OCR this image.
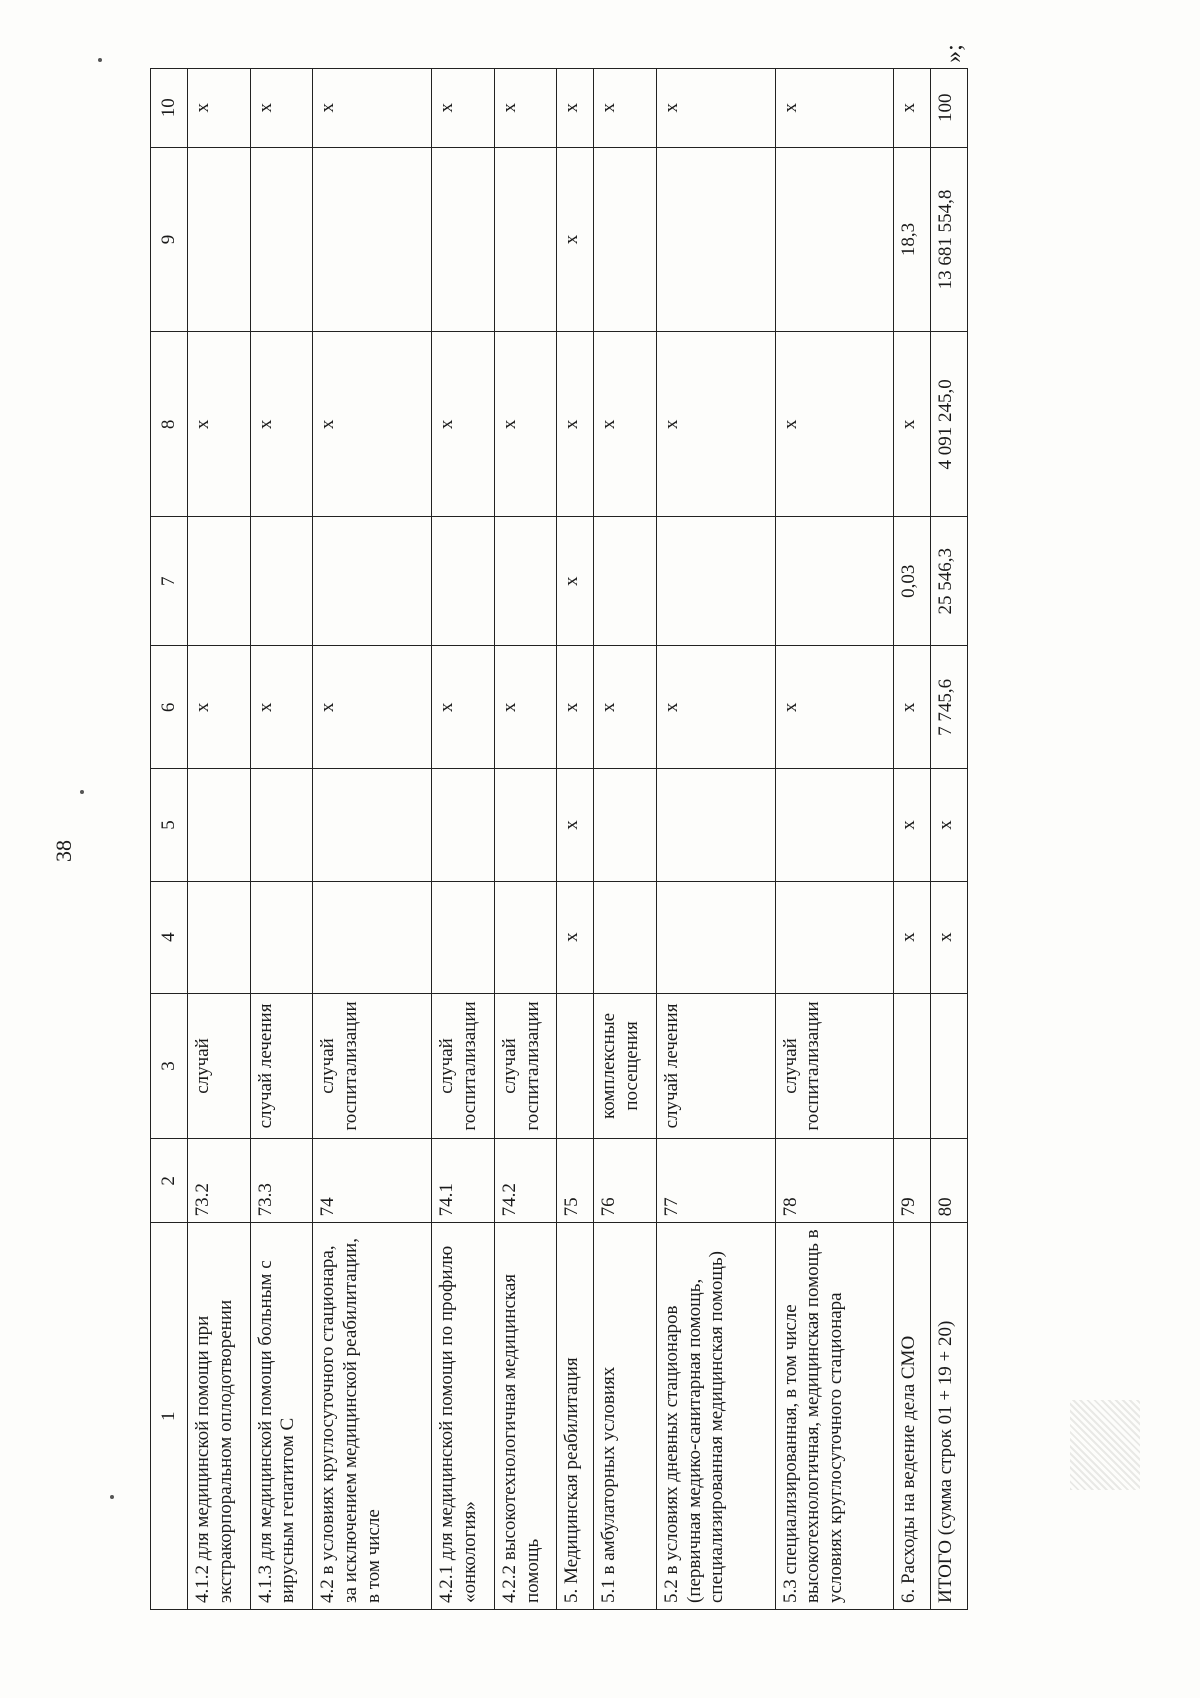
38
1	2	3	4	5	6	7	8	9	10
4.1.2 для медицинской помощи при экстракорпоральном оплодотворении	73.2	случай			х		х		х
4.1.3 для медицинской помощи больным с вирусным гепатитом С	73.3	случай лечения			х		х		х
4.2 в условиях круглосуточного стационара, за исключением медицинской реабилитации, в том числе	74	случай госпитализации			х		х		х
4.2.1 для медицинской помощи по профилю «онкология»	74.1	случай госпитализации			х		х		х
4.2.2 высокотехнологичная медицинская помощь	74.2	случай госпитализации			х		х		х
5. Медицинская реабилитация	75		х	х	х	х	х	х	х
5.1 в амбулаторных условиях	76	комплексные посещения			х		х		х
5.2 в условиях дневных стационаров (первичная медико-санитарная помощь, специализированная медицинская помощь)	77	случай лечения			х		х		х
5.3 специализированная, в том числе высокотехнологичная, медицинская помощь в условиях круглосуточного стационара	78	случай госпитализации			х		х		х
6. Расходы на ведение дела СМО	79		х	х	х	0,03	х	18,3	х
ИТОГО (сумма строк 01 + 19 + 20)	80		х	х	7 745,6	25 546,3	4 091 245,0	13 681 554,8	100
»;
